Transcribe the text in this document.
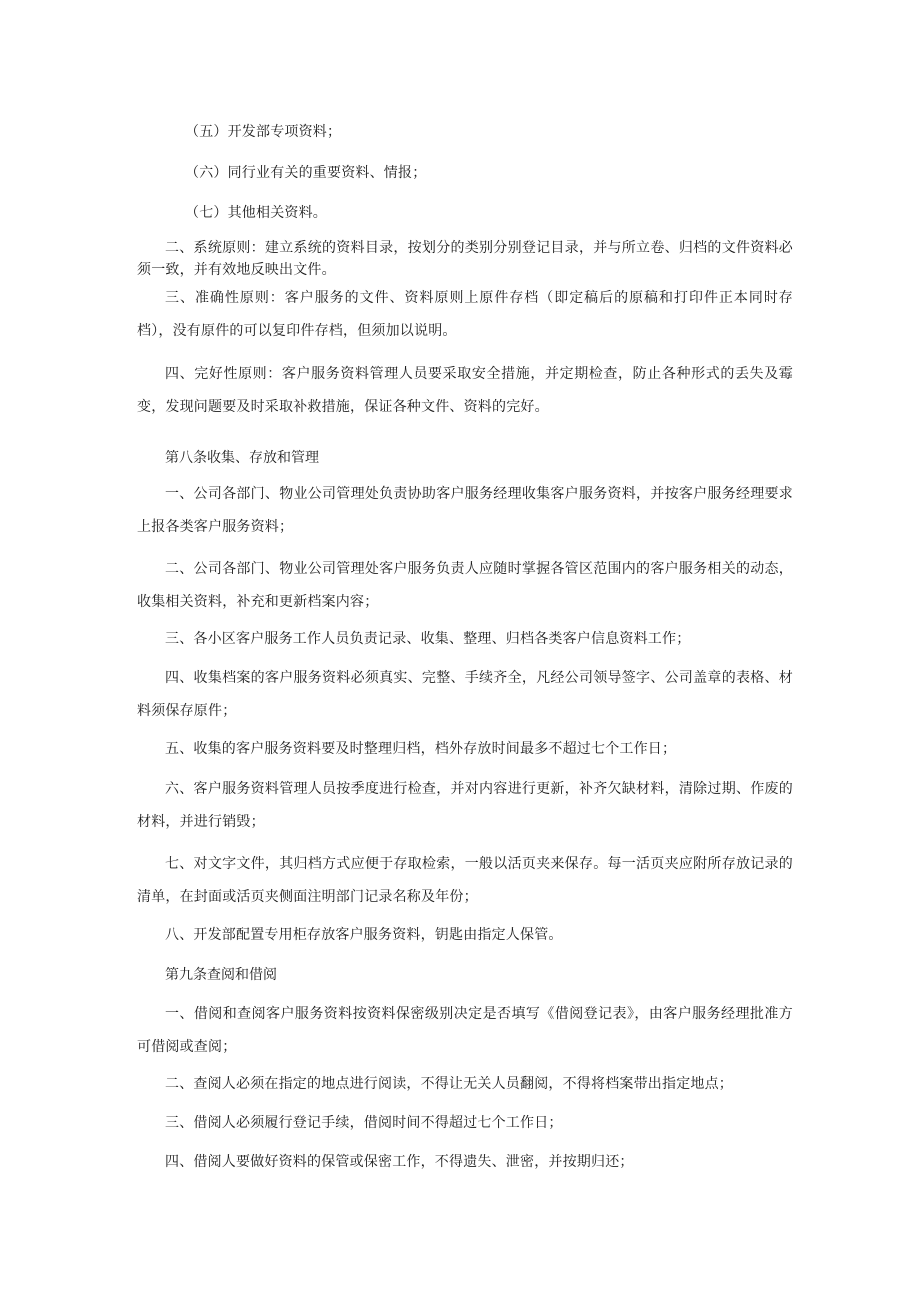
（五）开发部专项资料；

（六）同行业有关的重要资料、情报；

（七）其他相关资料。

二、系统原则：建立系统的资料目录，按划分的类别分别登记目录，并与所立卷、归档的文件资料必须一致，并有效地反映出文件。

三、准确性原则：客户服务的文件、资料原则上原件存档（即定稿后的原稿和打印件正本同时存档），没有原件的可以复印件存档，但须加以说明。

四、完好性原则：客户服务资料管理人员要采取安全措施，并定期检查，防止各种形式的丢失及霉变，发现问题要及时采取补救措施，保证各种文件、资料的完好。

第八条收集、存放和管理

一、公司各部门、物业公司管理处负责协助客户服务经理收集客户服务资料，并按客户服务经理要求上报各类客户服务资料；

二、公司各部门、物业公司管理处客户服务负责人应随时掌握各管区范围内的客户服务相关的动态，收集相关资料，补充和更新档案内容；

三、各小区客户服务工作人员负责记录、收集、整理、归档各类客户信息资料工作；

四、收集档案的客户服务资料必须真实、完整、手续齐全，凡经公司领导签字、公司盖章的表格、材料须保存原件；

五、收集的客户服务资料要及时整理归档，档外存放时间最多不超过七个工作日；

六、客户服务资料管理人员按季度进行检查，并对内容进行更新，补齐欠缺材料，清除过期、作废的材料，并进行销毁；

七、对文字文件，其归档方式应便于存取检索，一般以活页夹来保存。每一活页夹应附所存放记录的清单，在封面或活页夹侧面注明部门记录名称及年份；

八、开发部配置专用柜存放客户服务资料，钥匙由指定人保管。

第九条查阅和借阅

一、借阅和查阅客户服务资料按资料保密级别决定是否填写《借阅登记表》，由客户服务经理批准方可借阅或查阅；

二、查阅人必须在指定的地点进行阅读，不得让无关人员翻阅，不得将档案带出指定地点；

三、借阅人必须履行登记手续，借阅时间不得超过七个工作日；

四、借阅人要做好资料的保管或保密工作，不得遗失、泄密，并按期归还；
